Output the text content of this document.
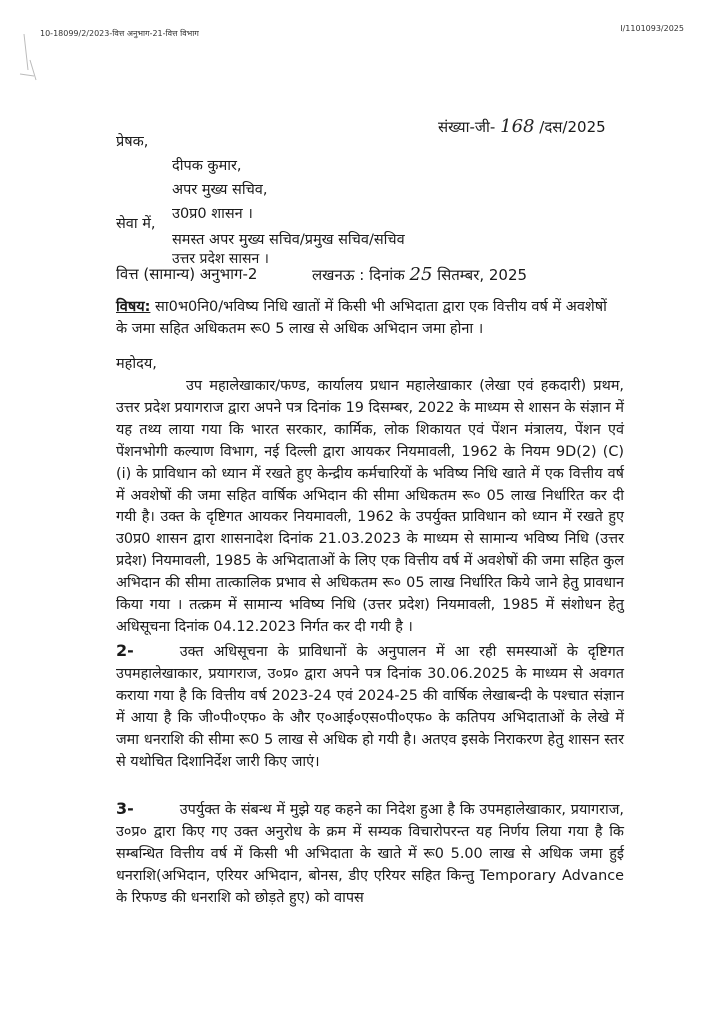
10-18099/2/2023-वित्त अनुभाग-21-वित्त विभाग
I/1101093/2025
संख्या-जी- 168 /दस/2025
प्रेषक,
दीपक कुमार,
अपर मुख्य सचिव,
उ0प्र0 शासन ।
सेवा में,
समस्त अपर मुख्य सचिव/प्रमुख सचिव/सचिव
उत्तर प्रदेश सासन ।
वित्त (सामान्य) अनुभाग-2	लखनऊ : दिनांक 25 सितम्बर, 2025
विषय: सा0भ0नि0/भविष्य निधि खातों में किसी भी अभिदाता द्वारा एक वित्तीय वर्ष में अवशेषों के जमा सहित अधिकतम रू0 5 लाख से अधिक अभिदान जमा होना ।
महोदय,
उप महालेखाकार/फण्ड, कार्यालय प्रधान महालेखाकार (लेखा एवं हकदारी) प्रथम, उत्तर प्रदेश प्रयागराज द्वारा अपने पत्र दिनांक 19 दिसम्बर, 2022 के माध्यम से शासन के संज्ञान में यह तथ्य लाया गया कि भारत सरकार, कार्मिक, लोक शिकायत एवं पेंशन मंत्रालय, पेंशन एवं पेंशनभोगी कल्याण विभाग, नई दिल्ली द्वारा आयकर नियमावली, 1962 के नियम 9D(2) (C) (i) के प्राविधान को ध्यान में रखते हुए केन्द्रीय कर्मचारियों के भविष्य निधि खाते में एक वित्तीय वर्ष में अवशेषों की जमा सहित वार्षिक अभिदान की सीमा अधिकतम रू० 05 लाख निर्धारित कर दी गयी है। उक्त के दृष्टिगत आयकर नियमावली, 1962 के उपर्युक्त प्राविधान को ध्यान में रखते हुए उ0प्र0 शासन द्वारा शासनादेश दिनांक 21.03.2023 के माध्यम से सामान्य भविष्य निधि (उत्तर प्रदेश) नियमावली, 1985 के अभिदाताओं के लिए एक वित्तीय वर्ष में अवशेषों की जमा सहित कुल अभिदान की सीमा तात्कालिक प्रभाव से अधिकतम रू० 05 लाख निर्धारित किये जाने हेतु प्रावधान किया गया । तत्क्रम में सामान्य भविष्य निधि (उत्तर प्रदेश) नियमावली, 1985 में संशोधन हेतु अधिसूचना दिनांक 04.12.2023 निर्गत कर दी गयी है ।
2-	उक्त अधिसूचना के प्राविधानों के अनुपालन में आ रही समस्याओं के दृष्टिगत उपमहालेखाकार, प्रयागराज, उ०प्र० द्वारा अपने पत्र दिनांक 30.06.2025 के माध्यम से अवगत कराया गया है कि वित्तीय वर्ष 2023-24 एवं 2024-25 की वार्षिक लेखाबन्दी के पश्चात संज्ञान में आया है कि जी०पी०एफ० के और ए०आई०एस०पी०एफ० के कतिपय अभिदाताओं के लेखे में जमा धनराशि की सीमा रू0 5 लाख से अधिक हो गयी है। अतएव इसके निराकरण हेतु शासन स्तर से यथोचित दिशानिर्देश जारी किए जाएं।
3-	उपर्युक्त के संबन्ध में मुझे यह कहने का निदेश हुआ है कि उपमहालेखाकार, प्रयागराज, उ०प्र० द्वारा किए गए उक्त अनुरोध के क्रम में सम्यक विचारोपरन्त यह निर्णय लिया गया है कि सम्बन्धित वित्तीय वर्ष में किसी भी अभिदाता के खाते में रू0 5.00 लाख से अधिक जमा हुई धनराशि(अभिदान, एरियर अभिदान, बोनस, डीए एरियर सहित किन्तु Temporary Advance के रिफण्ड की धनराशि को छोड़ते हुए) को वापस
